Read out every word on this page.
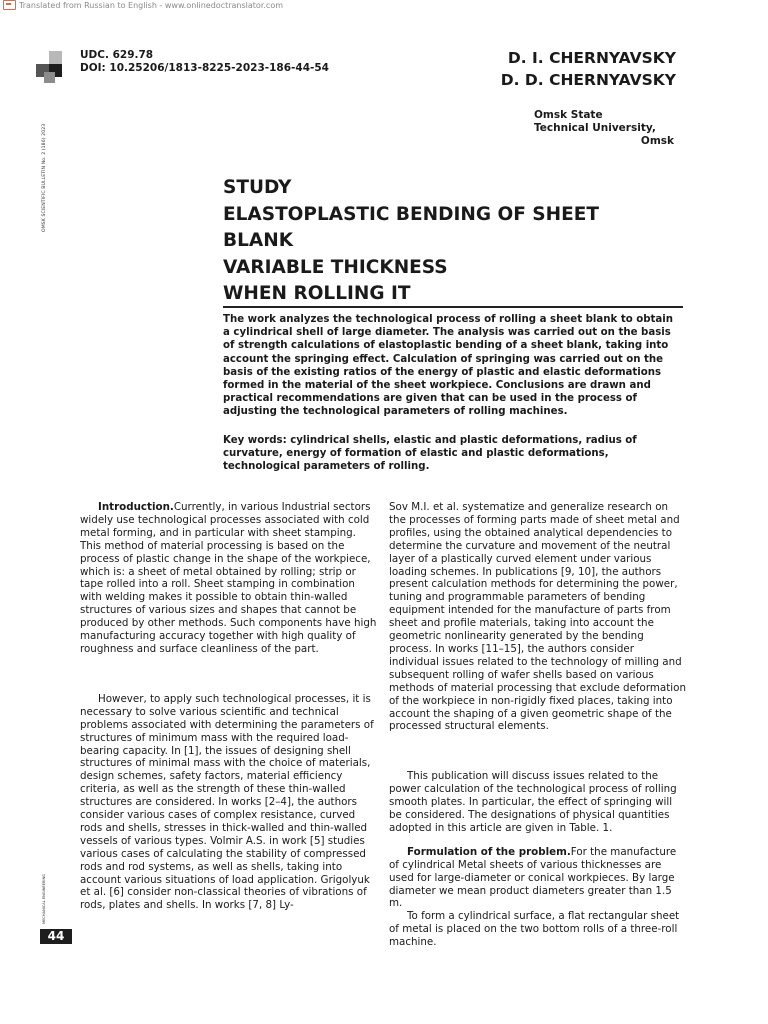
Translated from Russian to English - www.onlinedoctranslator.com
UDC. 629.78
DOI: 10.25206/1813-8225-2023-186-44-54
D. I. CHERNYAVSKY
D. D. CHERNYAVSKY
Omsk State
Technical University,
Omsk
OMSK SCIENTIFIC BULLETIN No. 2 (186) 2023	STUDY
ELASTOPLASTIC BENDING OF SHEET
BLANK
VARIABLE THICKNESS
WHEN ROLLING IT
The work analyzes the technological process of rolling a sheet blank to obtain a cylindrical shell of large diameter. The analysis was carried out on the basis of strength calculations of elastoplastic bending of a sheet blank, taking into account the springing effect. Calculation of springing was carried out on the basis of the existing ratios of the energy of plastic and elastic deformations formed in the material of the sheet workpiece. Conclusions are drawn and practical recommendations are given that can be used in the process of adjusting the technological parameters of rolling machines.
Key words: cylindrical shells, elastic and plastic deformations, radius of curvature, energy of formation of elastic and plastic deformations, technological parameters of rolling.

Introduction.Currently, in various Industrial sectors widely use technological processes associated with cold metal forming, and in particular with sheet stamping. This method of material processing is based on the process of plastic change in the shape of the workpiece, which is: a sheet of metal obtained by rolling; strip or tape rolled into a roll. Sheet stamping in combination with welding makes it possible to obtain thin-walled structures of various sizes and shapes that cannot be produced by other methods. Such components have high manufacturing accuracy together with high quality of roughness and surface cleanliness of the part.

However, to apply such technological processes, it is necessary to solve various scientific and technical problems associated with determining the parameters of structures of minimum mass with the required load-bearing capacity. In [1], the issues of designing shell structures of minimal mass with the choice of materials, design schemes, safety factors, material efficiency criteria, as well as the strength of these thin-walled structures are considered. In works [2–4], the authors consider various cases of complex resistance, curved rods and shells, stresses in thick-walled and thin-walled vessels of various types. Volmir A.S. in work [5] studies various cases of calculating the stability of compressed rods and rod systems, as well as shells, taking into account various situations of load application. Grigolyuk et al. [6] consider non-classical theories of vibrations of rods, plates and shells. In works [7, 8] Ly-

Sov M.I. et al. systematize and generalize research on the processes of forming parts made of sheet metal and profiles, using the obtained analytical dependencies to determine the curvature and movement of the neutral layer of a plastically curved element under various loading schemes. In publications [9, 10], the authors present calculation methods for determining the power, tuning and programmable parameters of bending equipment intended for the manufacture of parts from sheet and profile materials, taking into account the geometric nonlinearity generated by the bending process. In works [11–15], the authors consider individual issues related to the technology of milling and subsequent rolling of wafer shells based on various methods of material processing that exclude deformation of the workpiece in non-rigidly fixed places, taking into account the shaping of a given geometric shape of the processed structural elements.

This publication will discuss issues related to the power calculation of the technological process of rolling smooth plates. In particular, the effect of springing will be considered. The designations of physical quantities adopted in this article are given in Table. 1.

Formulation of the problem.For the manufacture of cylindrical Metal sheets of various thicknesses are used for large-diameter or conical workpieces. By large diameter we mean product diameters greater than 1.5 m.

To form a cylindrical surface, a flat rectangular sheet of metal is placed on the two bottom rolls of a three-roll machine.

MECHANICAL ENGINEERING
44
